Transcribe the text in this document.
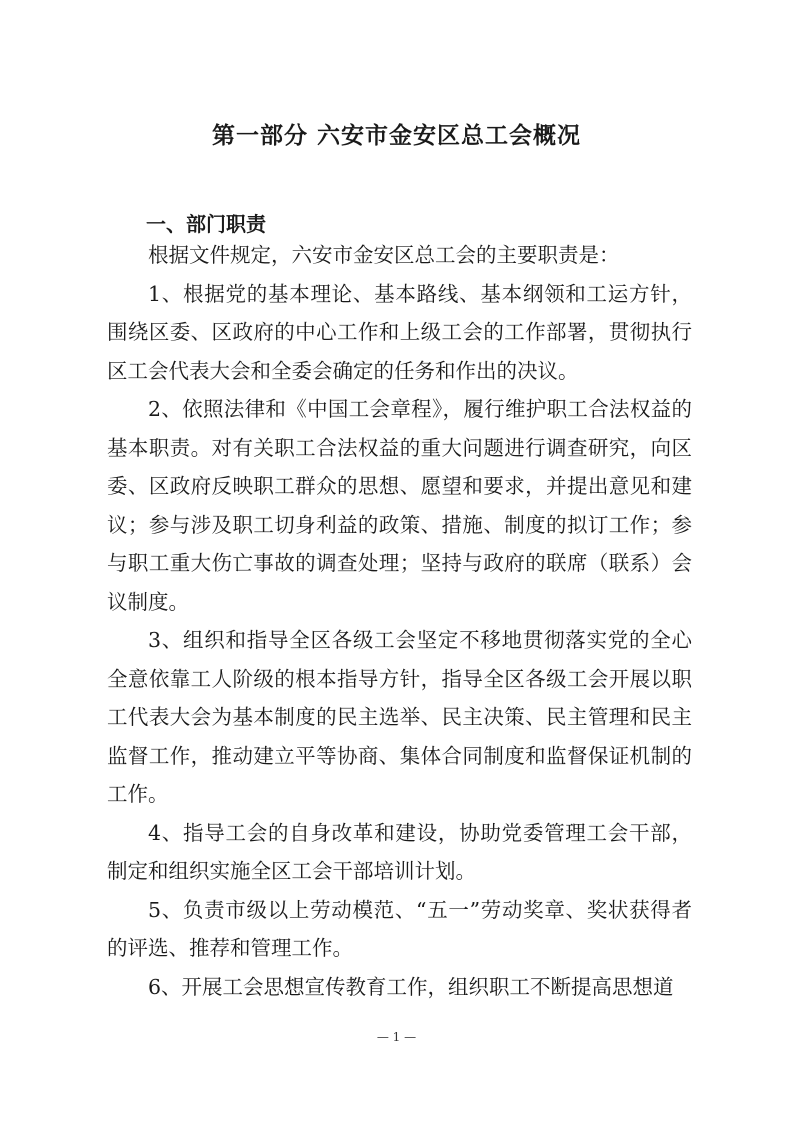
第一部分 六安市金安区总工会概况
一、部门职责

根据文件规定，六安市金安区总工会的主要职责是：

1、根据党的基本理论、基本路线、基本纲领和工运方针，围绕区委、区政府的中心工作和上级工会的工作部署，贯彻执行区工会代表大会和全委会确定的任务和作出的决议。

2、依照法律和《中国工会章程》，履行维护职工合法权益的基本职责。对有关职工合法权益的重大问题进行调查研究，向区委、区政府反映职工群众的思想、愿望和要求，并提出意见和建议；参与涉及职工切身利益的政策、措施、制度的拟订工作；参与职工重大伤亡事故的调查处理；坚持与政府的联席（联系）会议制度。

3、组织和指导全区各级工会坚定不移地贯彻落实党的全心全意依靠工人阶级的根本指导方针，指导全区各级工会开展以职工代表大会为基本制度的民主选举、民主决策、民主管理和民主监督工作，推动建立平等协商、集体合同制度和监督保证机制的工作。

4、指导工会的自身改革和建设，协助党委管理工会干部，制定和组织实施全区工会干部培训计划。

5、负责市级以上劳动模范、“五一”劳动奖章、奖状获得者的评选、推荐和管理工作。

6、开展工会思想宣传教育工作，组织职工不断提高思想道

— 1 —
